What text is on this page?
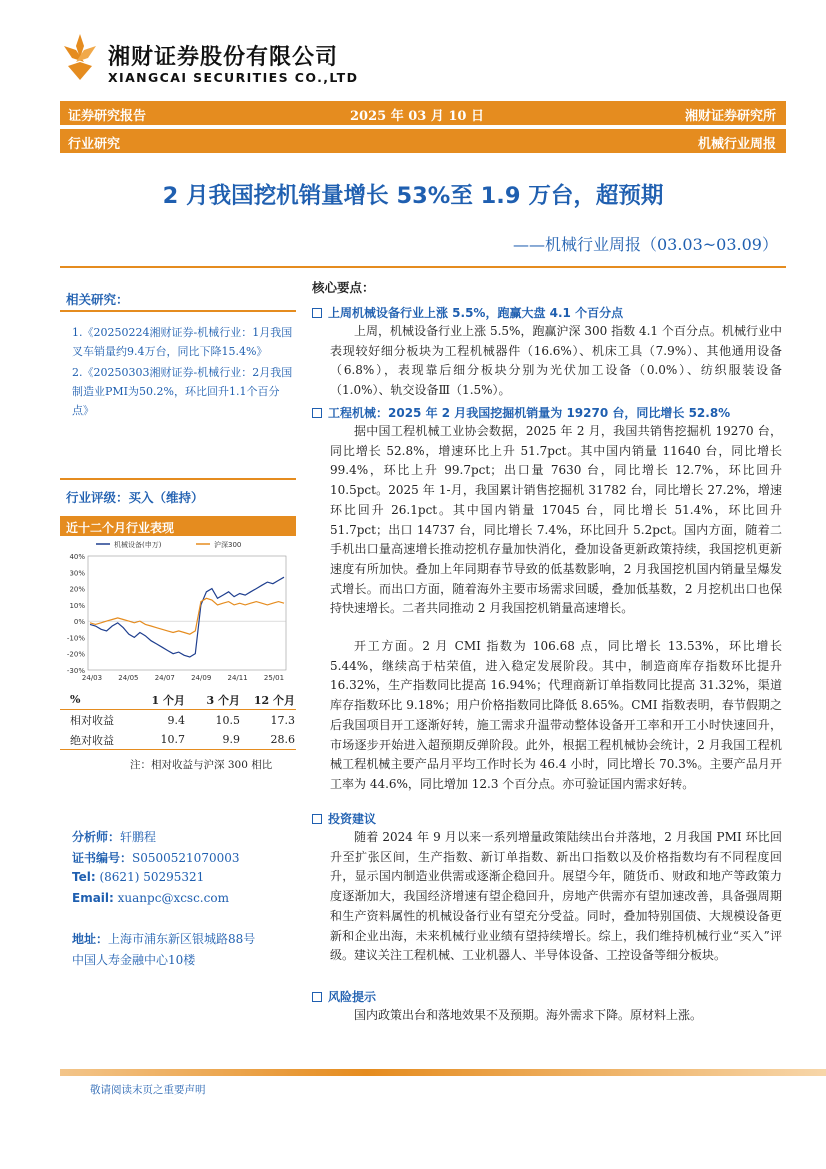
湘财证券股份有限公司
XIANGCAI SECURITIES CO.,LTD
证券研究报告	2025 年 03 月 10 日	湘财证券研究所
行业研究	机械行业周报
2 月我国挖机销量增长 53%至 1.9 万台，超预期
——机械行业周报（03.03~03.09）
相关研究：
1.《20250224湘财证券-机械行业：1月我国叉车销量约9.4万台，同比下降15.4%》
2.《20250303湘财证券-机械行业：2月我国制造业PMI为50.2%，环比回升1.1个百分点》
行业评级：买入（维持）
近十二个月行业表现
40%
30%
20%
10%
0%
-10%
-20%
-30%
24/03 24/05 24/07 24/09 24/11 25/01
机械设备(申万)	沪深300
%	1 个月	3 个月	12 个月
相对收益	9.4	10.5	17.3
绝对收益	10.7	9.9	28.6
注：相对收益与沪深 300 相比
分析师：轩鹏程
证书编号：S0500521070003
Tel: (8621) 50295321
Email: xuanpc@xcsc.com
地址：上海市浦东新区银城路88号
中国人寿金融中心10楼
核心要点：
上周机械设备行业上涨 5.5%，跑赢大盘 4.1 个百分点
上周，机械设备行业上涨 5.5%，跑赢沪深 300 指数 4.1 个百分点。机械行业中表现较好细分板块为工程机械器件（16.6%）、机床工具（7.9%）、其他通用设备（6.8%），表现靠后细分板块分别为光伏加工设备（0.0%）、纺织服装设备（1.0%）、轨交设备Ⅲ（1.5%）。
工程机械：2025 年 2 月我国挖掘机销量为 19270 台，同比增长 52.8%
据中国工程机械工业协会数据，2025 年 2 月，我国共销售挖掘机 19270 台，同比增长 52.8%，增速环比上升 51.7pct。其中国内销量 11640 台，同比增长 99.4%，环比上升 99.7pct；出口量 7630 台，同比增长 12.7%，环比回升 10.5pct。2025 年 1-月，我国累计销售挖掘机 31782 台，同比增长 27.2%，增速环比回升 26.1pct。其中国内销量 17045 台，同比增长 51.4%，环比回升 51.7pct；出口 14737 台，同比增长 7.4%，环比回升 5.2pct。国内方面，随着二手机出口量高速增长推动挖机存量加快消化，叠加设备更新政策持续，我国挖机更新速度有所加快。叠加上年同期春节导致的低基数影响，2 月我国挖机国内销量呈爆发式增长。而出口方面，随着海外主要市场需求回暖，叠加低基数，2 月挖机出口也保持快速增长。二者共同推动 2 月我国挖机销量高速增长。
开工方面。2 月 CMI 指数为 106.68 点，同比增长 13.53%，环比增长 5.44%，继续高于枯荣值，进入稳定发展阶段。其中，制造商库存指数环比提升 16.32%，生产指数同比提高 16.94%；代理商新订单指数同比提高 31.32%，渠道库存指数环比 9.18%；用户价格指数同比降低 8.65%。CMI 指数表明，春节假期之后我国项目开工逐渐好转，施工需求升温带动整体设备开工率和开工小时快速回升，市场逐步开始进入超预期反弹阶段。此外，根据工程机械协会统计，2 月我国工程机械工程机械主要产品月平均工作时长为 46.4 小时，同比增长 70.3%。主要产品月开工率为 44.6%，同比增加 12.3 个百分点。亦可验证国内需求好转。
投资建议
随着 2024 年 9 月以来一系列增量政策陆续出台并落地，2 月我国 PMI 环比回升至扩张区间，生产指数、新订单指数、新出口指数以及价格指数均有不同程度回升，显示国内制造业供需或逐渐企稳回升。展望今年，随货币、财政和地产等政策力度逐渐加大，我国经济增速有望企稳回升，房地产供需亦有望加速改善，具备强周期和生产资料属性的机械设备行业有望充分受益。同时，叠加特别国债、大规模设备更新和企业出海，未来机械行业业绩有望持续增长。综上，我们维持机械行业“买入”评级。建议关注工程机械、工业机器人、半导体设备、工控设备等细分板块。
风险提示
国内政策出台和落地效果不及预期。海外需求下降。原材料上涨。
敬请阅读末页之重要声明
